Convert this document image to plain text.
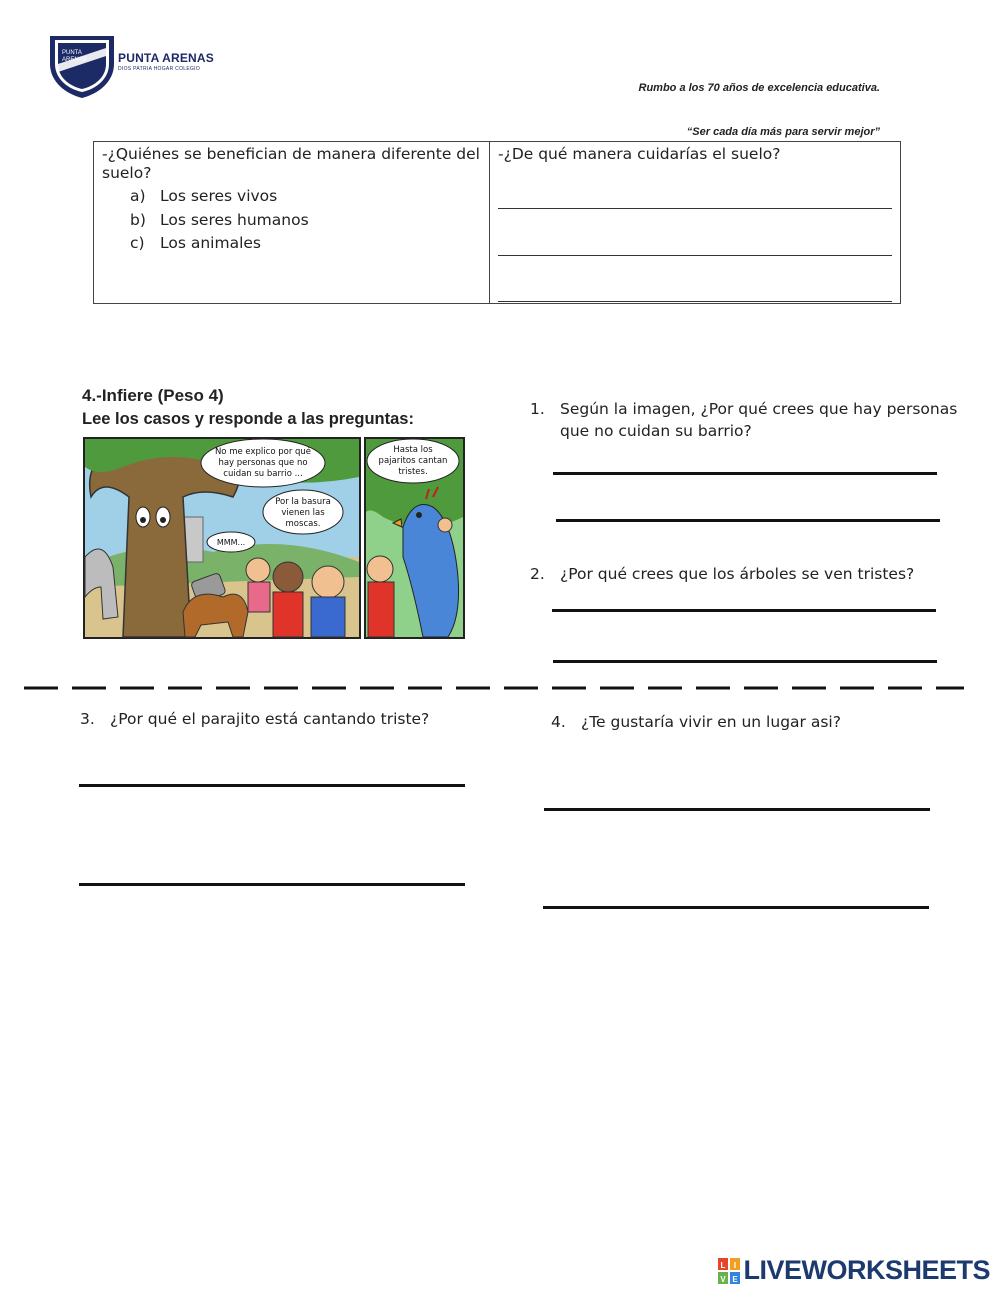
PUNTA
ARENAS	PUNTA ARENAS
DIOS PATRIA HOGAR COLEGIO
Rumbo a los 70 años de excelencia educativa.
“Ser cada día más para servir mejor”
-¿Quiénes se benefician de manera diferente del suelo?
a) Los seres vivos
b) Los seres humanos
c) Los animales
-¿De qué manera cuidarías el suelo?
4.-Infiere (Peso 4)
Lee los casos y responde a las preguntas:
No me explico por qué
hay personas que no
cuidan su barrio ...
Por la basura
vienen las
moscas.
MMM...
Hasta los
pajaritos cantan
tristes.
1. Según la imagen, ¿Por qué crees que hay personas que no cuidan su barrio?
2. ¿Por qué crees que los árboles se ven tristes?
3. ¿Por qué el parajito está cantando triste?	4. ¿Te gustaría vivir en un lugar asi?
L I
V E LIVEWORKSHEETS
